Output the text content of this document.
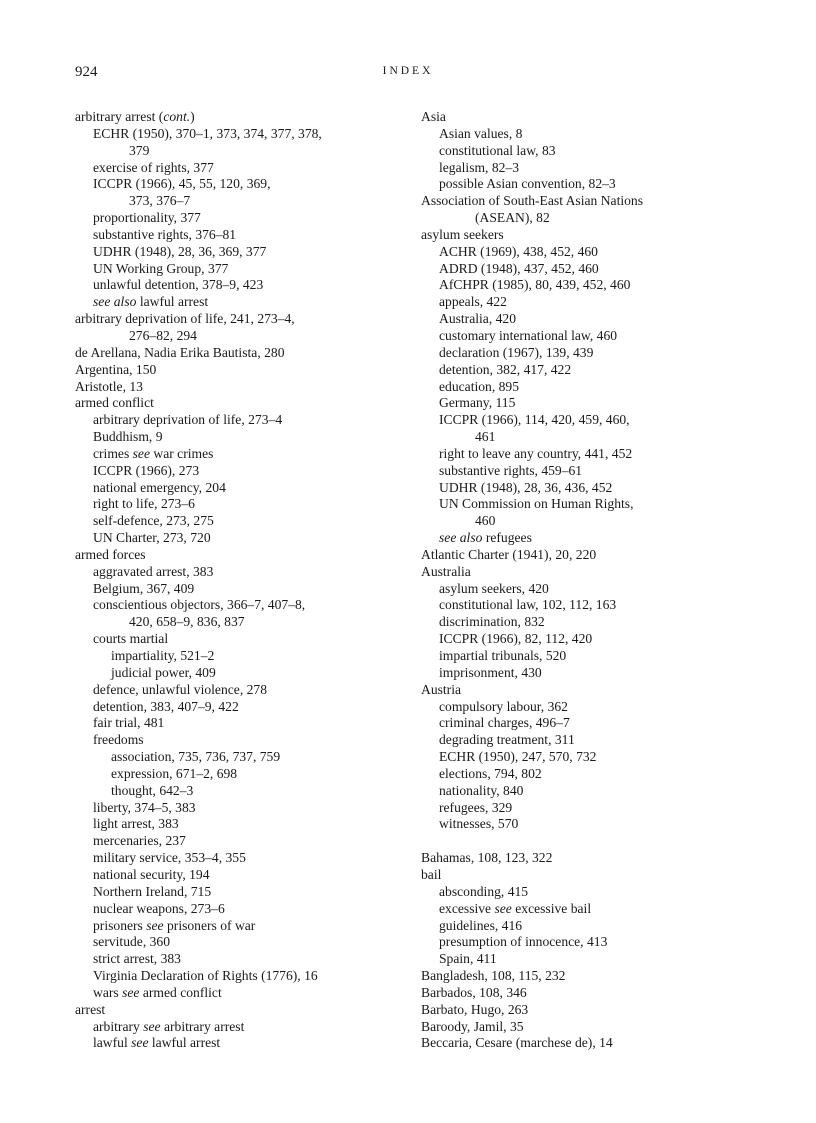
924	INDEX
arbitrary arrest (cont.)
ECHR (1950), 370–1, 373, 374, 377, 378,
379
exercise of rights, 377
ICCPR (1966), 45, 55, 120, 369,
373, 376–7
proportionality, 377
substantive rights, 376–81
UDHR (1948), 28, 36, 369, 377
UN Working Group, 377
unlawful detention, 378–9, 423
see also lawful arrest
arbitrary deprivation of life, 241, 273–4,
276–82, 294
de Arellana, Nadia Erika Bautista, 280
Argentina, 150
Aristotle, 13
armed conflict
arbitrary deprivation of life, 273–4
Buddhism, 9
crimes see war crimes
ICCPR (1966), 273
national emergency, 204
right to life, 273–6
self-defence, 273, 275
UN Charter, 273, 720
armed forces
aggravated arrest, 383
Belgium, 367, 409
conscientious objectors, 366–7, 407–8,
420, 658–9, 836, 837
courts martial
impartiality, 521–2
judicial power, 409
defence, unlawful violence, 278
detention, 383, 407–9, 422
fair trial, 481
freedoms
association, 735, 736, 737, 759
expression, 671–2, 698
thought, 642–3
liberty, 374–5, 383
light arrest, 383
mercenaries, 237
military service, 353–4, 355
national security, 194
Northern Ireland, 715
nuclear weapons, 273–6
prisoners see prisoners of war
servitude, 360
strict arrest, 383
Virginia Declaration of Rights (1776), 16
wars see armed conflict
arrest
arbitrary see arbitrary arrest
lawful see lawful arrest
Asia
Asian values, 8
constitutional law, 83
legalism, 82–3
possible Asian convention, 82–3
Association of South-East Asian Nations
(ASEAN), 82
asylum seekers
ACHR (1969), 438, 452, 460
ADRD (1948), 437, 452, 460
AfCHPR (1985), 80, 439, 452, 460
appeals, 422
Australia, 420
customary international law, 460
declaration (1967), 139, 439
detention, 382, 417, 422
education, 895
Germany, 115
ICCPR (1966), 114, 420, 459, 460,
461
right to leave any country, 441, 452
substantive rights, 459–61
UDHR (1948), 28, 36, 436, 452
UN Commission on Human Rights,
460
see also refugees
Atlantic Charter (1941), 20, 220
Australia
asylum seekers, 420
constitutional law, 102, 112, 163
discrimination, 832
ICCPR (1966), 82, 112, 420
impartial tribunals, 520
imprisonment, 430
Austria
compulsory labour, 362
criminal charges, 496–7
degrading treatment, 311
ECHR (1950), 247, 570, 732
elections, 794, 802
nationality, 840
refugees, 329
witnesses, 570
Bahamas, 108, 123, 322
bail
absconding, 415
excessive see excessive bail
guidelines, 416
presumption of innocence, 413
Spain, 411
Bangladesh, 108, 115, 232
Barbados, 108, 346
Barbato, Hugo, 263
Baroody, Jamil, 35
Beccaria, Cesare (marchese de), 14
